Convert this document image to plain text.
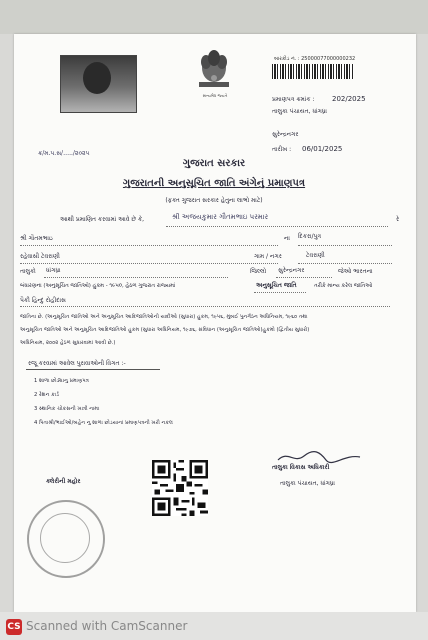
સત્યમેવ જયતે
બારકોડ નં. : 25000077000000232
પ્રમાણપત્ર ક્રમાંક :	202/2025
તાલુકા પંચાયત, ધાંગધ્રા
સુરેન્દ્રનગર
તારીખ : 06/01/2025
ક્ર/મ.પ.સ/…../૨૦૨૫
ગુજરાત સરકાર
ગુજરાતની અનુસૂચિત જાતિ અંગેનું પ્રમાણપત્ર
(ફક્ત ગુજરાત સરકાર હેતુના લાભો માટે)
આથી પ્રમાણિત કરવામાં આવે છે કે,	શ્રી અજયકુમાર ગૌતમભાઇ પરમાર	રે
શ્રી ગૌતમભાઇ	ના દિકરા/પુત્ર
રહેવાસી ટેવરાણી	ગામ / નગર	ટેવરાણી
તાલુકો ધાંગધ્રા	જિલ્લો સુરેન્દ્રનગર	જેઓ ભારતના
બંધારણના (અનુસૂચિત જાતિઓ) હુકમ - ૧૯૫૦, હેઠળ ગુજરાત રાજ્યમાં	અનુસૂચિત જાતિ	તરીકે માન્ય કરેલ જાતિઓ
પૈકી હિન્દુ રોહીદાસ
જાતિના છે. (અનુસૂચિત જાતિઓ અને અનુસૂચિત આદિજાતિઓની યાદીઓ (સુધારા) હુકમ, ૧૯૫૬, મુંબઈ પુનર્ગઠન અધિનિયમ, ૧૯૬૦ તથા
અનુસૂચિત જાતિઓ અને અનુસૂચિત આદિજાતિઓ હુકમ (સુધારા અધિનિયમ, ૧૯૭૬, સંવિધાન (અનુસૂચિત જાતિઓ)હુકમો (દ્વિતીય સુધારો)
અધિનિયમ, ૨૦૦૨ હેઠળ સુધારવામાં આવી છે.)
રજૂ કરવામાં આવેલ પુરાવાઓની વિગત :-
1 શાળા છોડ્યાનુ પ્રમાણપત્ર
2 રેશન કાર્ડ
3 સ્થાનિક ચોકસની ખાત્રી નામા
4 પિતાશ્રી/ભાઈઓ/બહેન નુ શાળા છોડયાનાં પ્રમાણપત્રની ખરી નકલ
તાલુકા વિકાસ અધિકારી
તાલુકા પંચાયત, ધાંગધ્રા
ક્લેરીની મહોર
CS Scanned with CamScanner
